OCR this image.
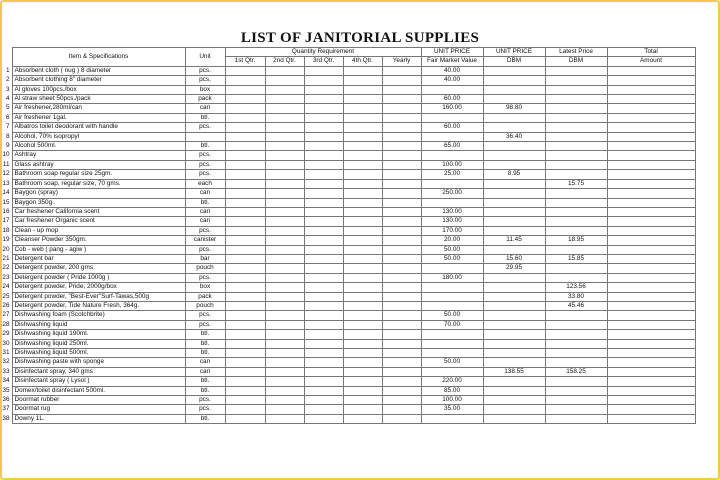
LIST OF JANITORIAL SUPPLIES
	Item & Specifications	Unit	Quantity Requirement					UNIT PRICE	UNIT PRICE	Latest Price	Total
			1st Qtr.	2nd Qtr.	3rd Qtr.	4th Qtr.	Yearly	Fair Market Value	DBM	DBM	Amount
1	Absorbent cloth ( nug ) 8 diameter	pcs.						40.00			
2	Absorbent clothing 8" diameter	pcs.						40.00			
3	Al gloves 100pcs./box	box									
4	Al straw sheet 50pcs./pack	pack						60.00			
5	Air freshener,280ml/can	can						160.00	98.80		
6	Air freshener 1gal.	btl.									
7	Albatros toilet deodorant with handle	pcs.						60.00			
8	Alcohol, 70% isopropyl								36.40		
9	Alcohol 500ml.	btl.						65.00			
10	Ashtray	pcs.									
11	Glass ashtray	pcs.						100.00			
12	Bathroom soap regular size 25gm.	pcs.						25.00	8.95		
13	Bathroom soap, regular size, 70 gms.	each								15.75	
14	Baygon (spray)	can						250.00			
15	Baygon 350g.	btl.									
16	Car freshener California scent	can						130.00			
17	Car freshener Organic scent	can						130.00			
18	Clean - up mop	pcs.						170.00			
19	Cleanser Powder 350gm.	canister						20.00	11.45	18.95	
20	Cob - web ( pang - agiw )	pcs.						50.00			
21	Detergent bar	bar						50.00	15.60	15.85	
22	Detergent powder, 200 gms	pouch							29.95		
23	Detergent powder ( Pride 1000g )	pcs.						180.00			
24	Detergent powder, Pride, 2000g/box	box								123.56	
25	Detergent powder, "Best-Ever"Surf-Tawas,500g	pack								33.80	
26	Detergent powder, Tide Nature Fresh, 364g.	pouch								45.46	
27	Dishwashing foam (Scotchbrite)	pcs.						50.00			
28	Dishwashing liquid	pcs.						70.00			
29	Dishwashing liquid 190ml.	btl.									
30	Dishwashing liquid 250ml.	btl.									
31	Dishwashing liquid 500ml.	btl.									
32	Dishwashing paste with sponge	can						50.00			
33	Disinfectant spray, 340 gms	can							138.55	158.25	
34	Disinfectant spray ( Lysol )	btl.						220.00			
35	Domex/toilet disinfectant 500ml.	btl.						85.00			
36	Doormat rubber	pcs.						100.00			
37	Doormat rug	pcs.						35.00			
38	Downy 1L.	btl.									
